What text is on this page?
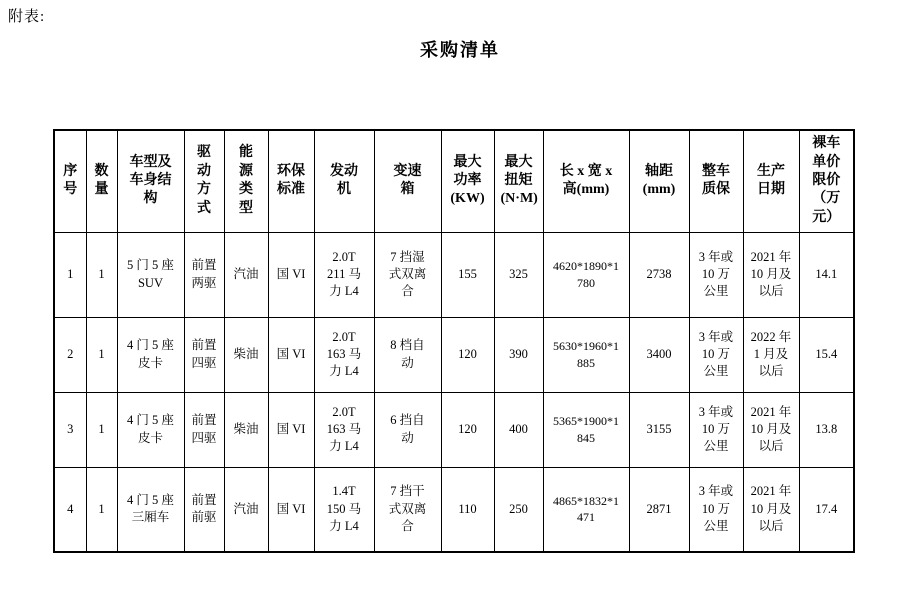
附表:
采购清单
序号	数量	车型及车身结构	驱动方式	能源类型	环保标准	发动机	变速箱	最大功率(KW)	最大扭矩(N·M)	长 x 宽 x 高(mm)	轴距(mm)	整车质保	生产日期	裸车单价限价（万元）
1	1	5 门 5 座 SUV	前置两驱	汽油	国 VI	2.0T 211 马力 L4	7 挡湿式双离合	155	325	4620*1890*1780	2738	3 年或 10 万公里	2021 年 10 月及以后	14.1
2	1	4 门 5 座皮卡	前置四驱	柴油	国 VI	2.0T 163 马力 L4	8 档自动	120	390	5630*1960*1885	3400	3 年或 10 万公里	2022 年 1 月及以后	15.4
3	1	4 门 5 座皮卡	前置四驱	柴油	国 VI	2.0T 163 马力 L4	6 挡自动	120	400	5365*1900*1845	3155	3 年或 10 万公里	2021 年 10 月及以后	13.8
4	1	4 门 5 座三厢车	前置前驱	汽油	国 VI	1.4T 150 马力 L4	7 挡干式双离合	110	250	4865*1832*1471	2871	3 年或 10 万公里	2021 年 10 月及以后	17.4
